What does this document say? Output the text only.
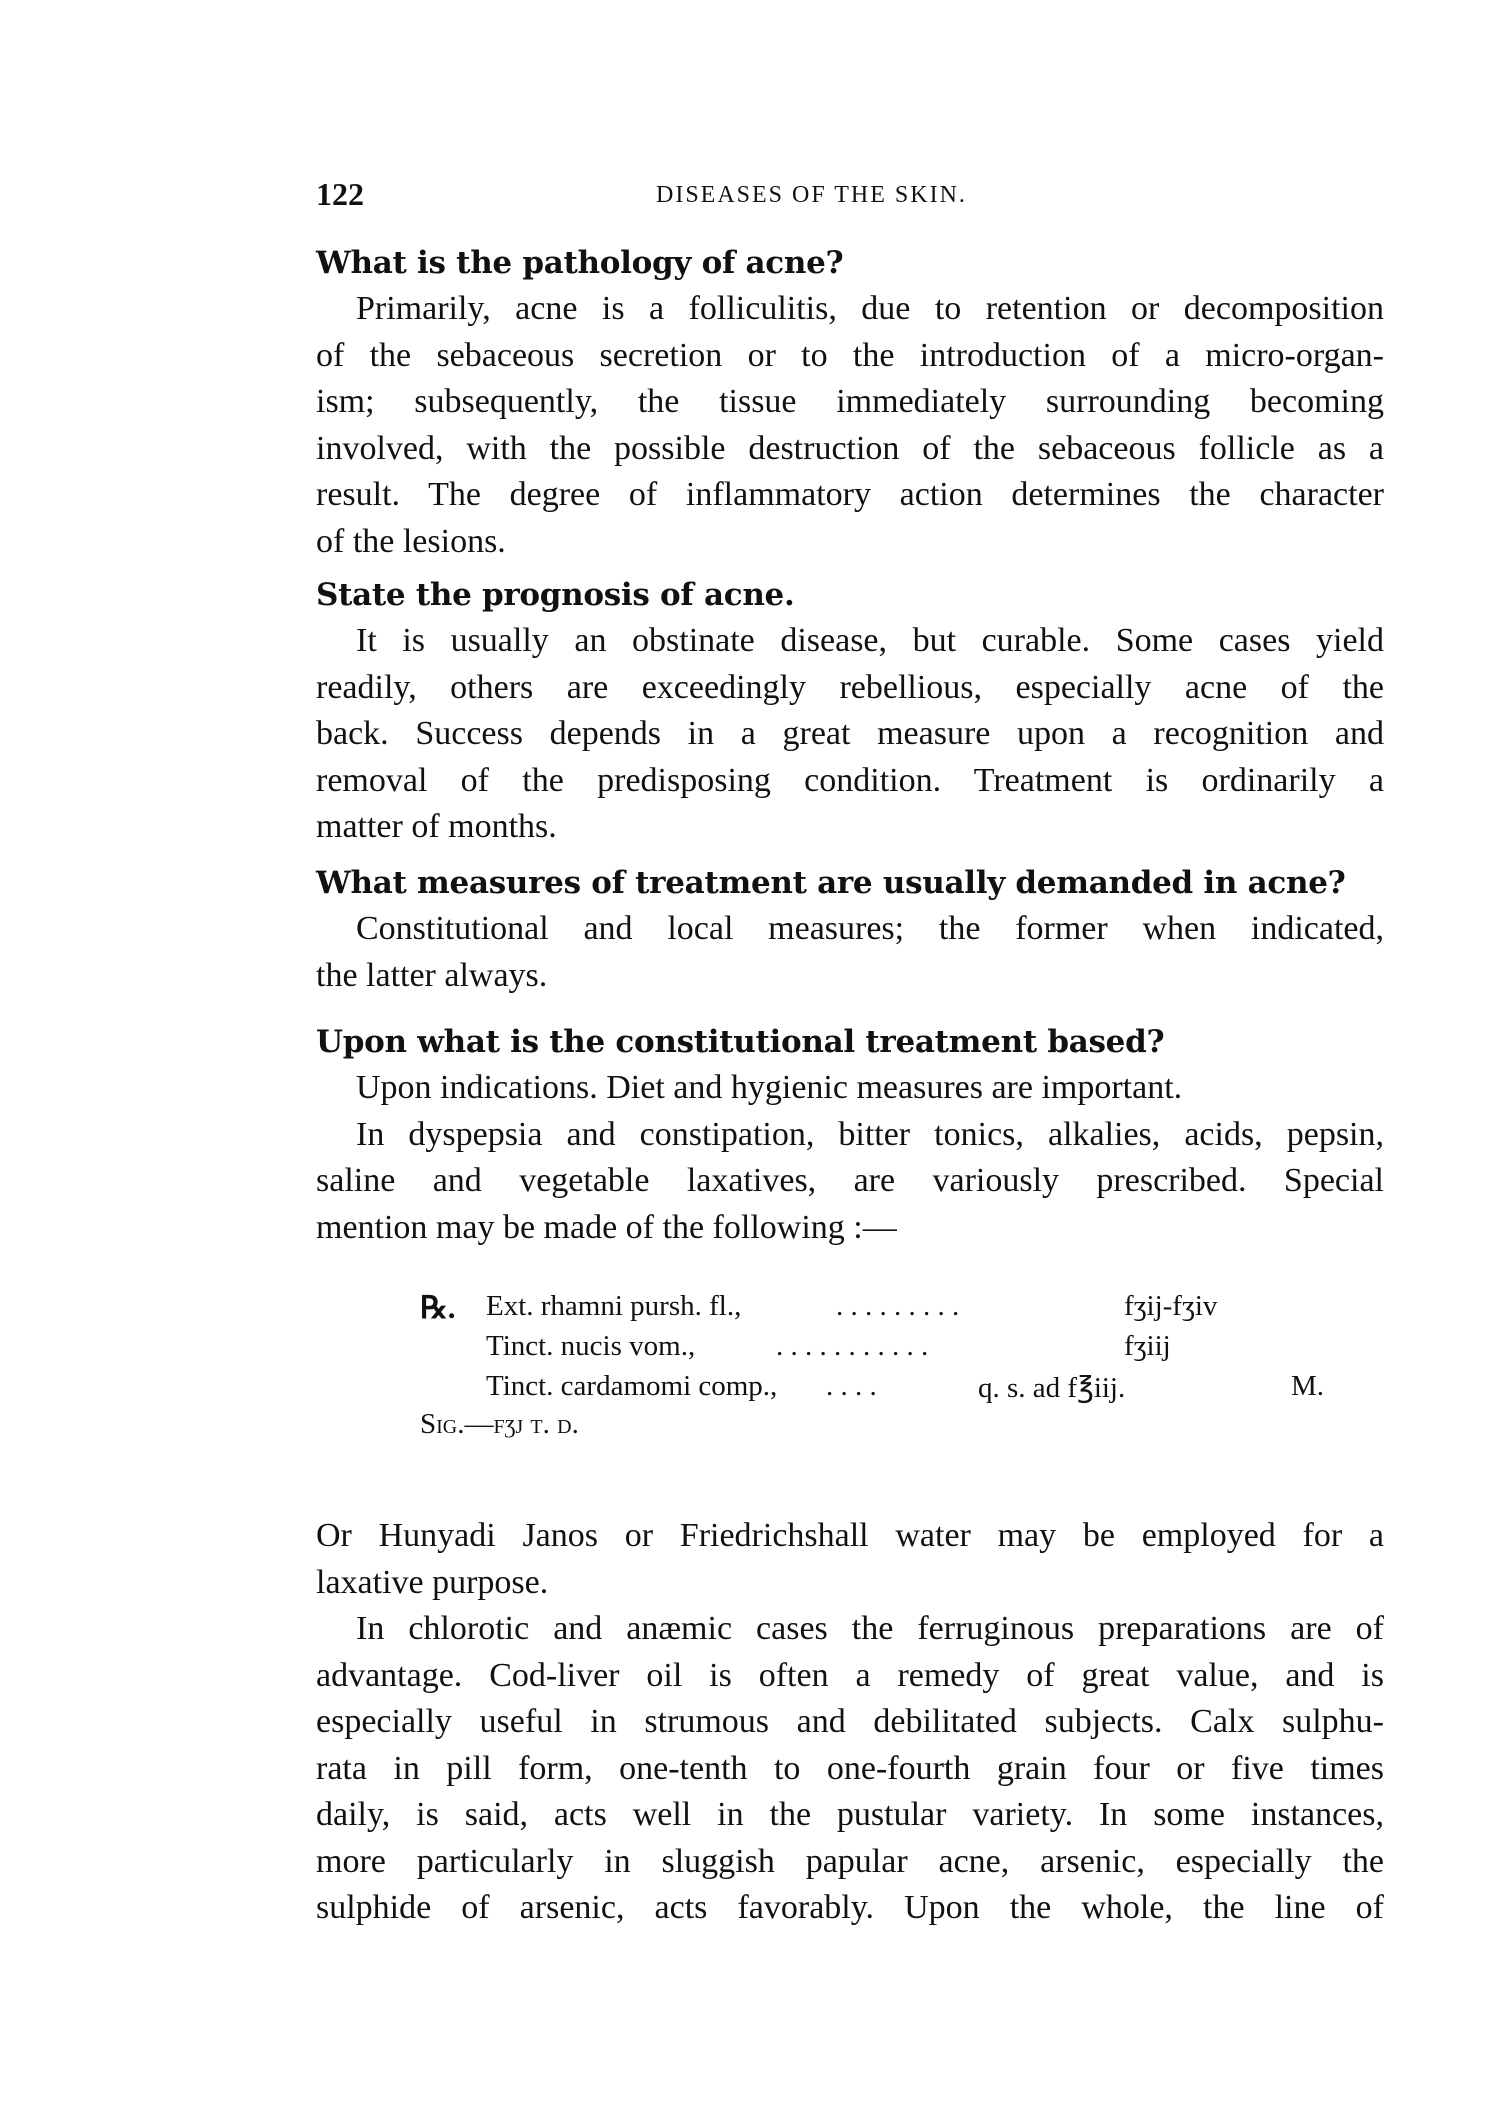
122	DISEASES OF THE SKIN.
What is the pathology of acne?
Primarily, acne is a folliculitis, due to retention or decomposition
of the sebaceous secretion or to the introduction of a micro-organ-
ism; subsequently, the tissue immediately surrounding becoming
involved, with the possible destruction of the sebaceous follicle as a
result. The degree of inflammatory action determines the character
of the lesions.
State the prognosis of acne.
It is usually an obstinate disease, but curable. Some cases yield
readily, others are exceedingly rebellious, especially acne of the
back. Success depends in a great measure upon a recognition and
removal of the predisposing condition. Treatment is ordinarily a
matter of months.
What measures of treatment are usually demanded in acne?
Constitutional and local measures; the former when indicated,
the latter always.
Upon what is the constitutional treatment based?
Upon indications. Diet and hygienic measures are important.
In dyspepsia and constipation, bitter tonics, alkalies, acids, pepsin,
saline and vegetable laxatives, are variously prescribed. Special
mention may be made of the following :—
℞. Ext. rhamni pursh. fl.,	. . . . . . . . .	fʒij-fʒiv
Tinct. nucis vom.,	. . . . . . . . . . .	fʒiij
Tinct. cardamomi comp., . . . .	q. s. ad f℥iij.	M.
Sig.—fʒj t. d.
Or Hunyadi Janos or Friedrichshall water may be employed for a
laxative purpose.
In chlorotic and anæmic cases the ferruginous preparations are of
advantage. Cod-liver oil is often a remedy of great value, and is
especially useful in strumous and debilitated subjects. Calx sulphu-
rata in pill form, one-tenth to one-fourth grain four or five times
daily, is said, acts well in the pustular variety. In some instances,
more particularly in sluggish papular acne, arsenic, especially the
sulphide of arsenic, acts favorably. Upon the whole, the line of
